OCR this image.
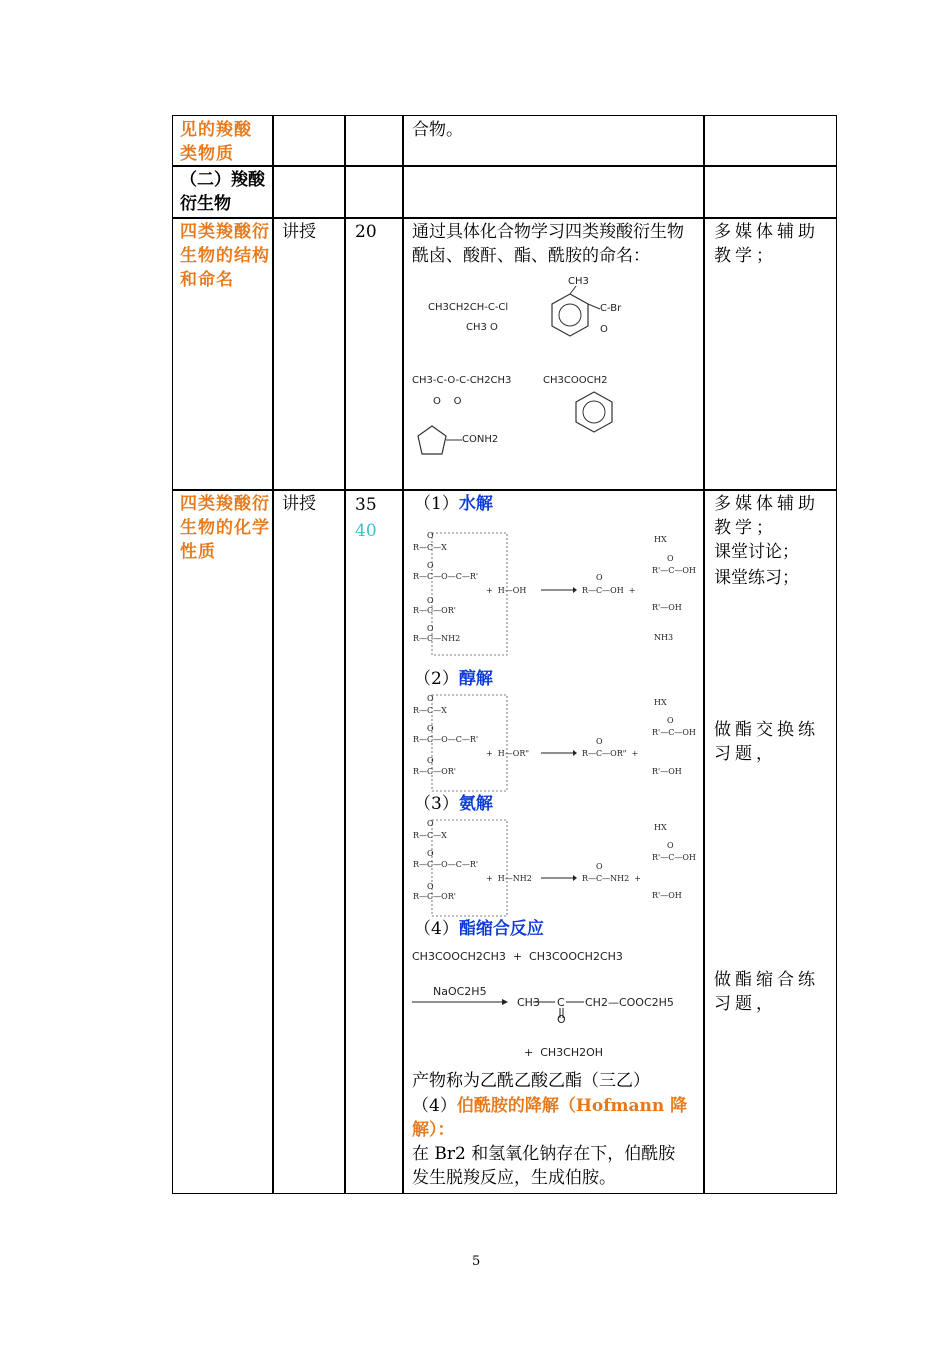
见的羧酸类物质
合物。
（二）羧酸衍生物
四类羧酸衍生物的结构和命名
讲授 20 通过具体化合物学习四类羧酸衍生物酰卤、酸酐、酯、酰胺的命名：
多媒体辅助教学；
CH3CH2CH-C-Cl
CH3 O
CH3
C-Br
O
CH3-C-O-C-CH2CH3
O    O
CH3COOCH2
CONH2
四类羧酸衍生物的化学性质
讲授 35
40
多媒体辅助教学；
课堂讨论；
课堂练习；
做酯交换练习题，
做酯缩合练习题，
（1）水解
（2）醇解
（3）氨解
（4）酯缩合反应
O
R—C—X
O
R—C—O—C—R'
O
R—C—OR'
O
R—C—NH2
+  H—OH
O
R—C—OH  +
HX
O
R'—C—OH
R'—OH
NH3
O
R—C—X
O
R—C—O—C—R'
O
R—C—OR'
+  H—OR"
O
R—C—OR"  +
HX
O
R'—C—OH
R'—OH
O
R—C—X
O
R—C—O—C—R'
O
R—C—OR'
+  H—NH2
O
R—C—NH2  +
HX
O
R'—C—OH
R'—OH
CH3COOCH2CH3  +  CH3COOCH2CH3
NaOC2H5
CH3 C CH2—COOC2H5
O
+  CH3CH2OH
产物称为乙酰乙酸乙酯（三乙）
（4）伯酰胺的降解（Hofmann 降解）：
在 Br2 和氢氧化钠存在下，伯酰胺
发生脱羧反应，生成伯胺。
5
